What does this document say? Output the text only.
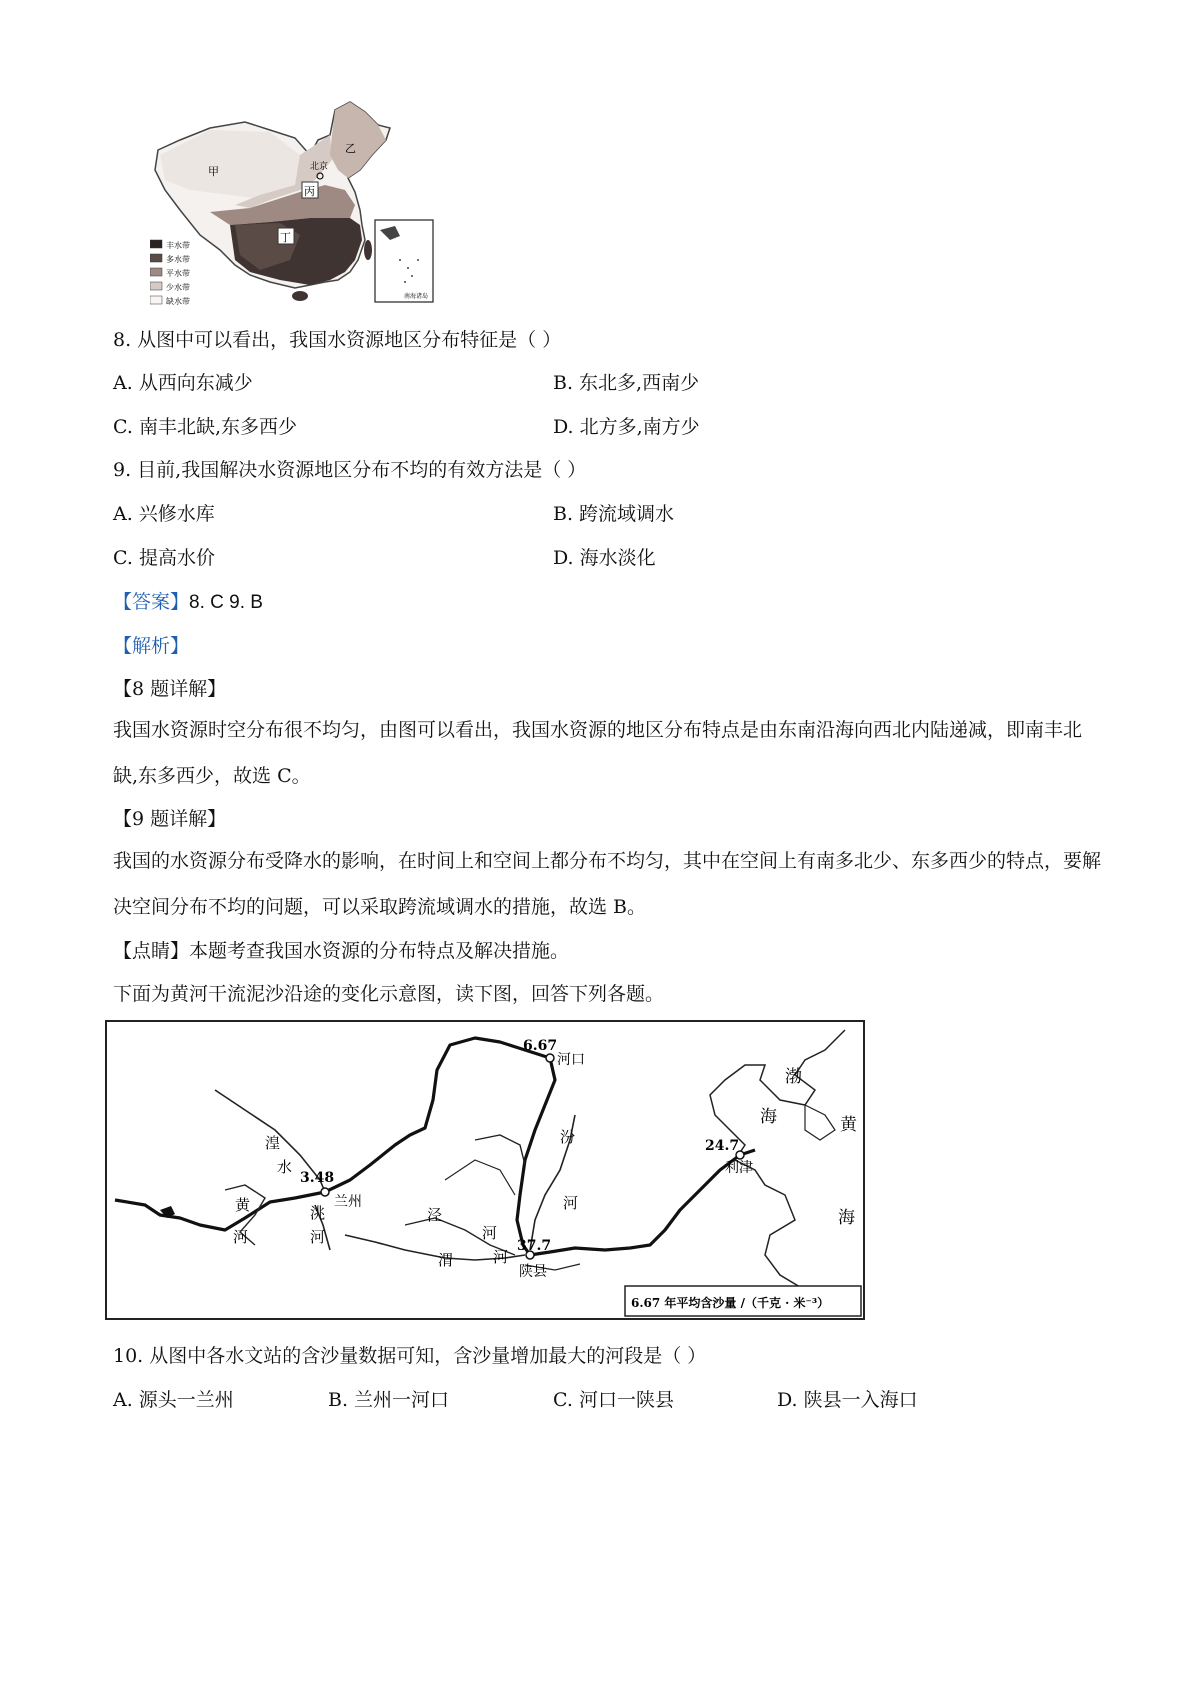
甲
乙
丙
丁
北京
丰水带
多水带
平水带
少水带
缺水带
南海诸岛
8. 从图中可以看出，我国水资源地区分布特征是（ ）
A. 从西向东减少	B. 东北多,西南少
C. 南丰北缺,东多西少	D. 北方多,南方少
9. 目前,我国解决水资源地区分布不均的有效方法是（ ）
A. 兴修水库	B. 跨流域调水
C. 提高水价	D. 海水淡化
【答案】8. C 9. B
【解析】
【8 题详解】
我国水资源时空分布很不均匀，由图可以看出，我国水资源的地区分布特点是由东南沿海向西北内陆递减，即南丰北缺,东多西少，故选 C。
【9 题详解】
我国的水资源分布受降水的影响，在时间上和空间上都分布不均匀，其中在空间上有南多北少、东多西少的特点，要解决空间分布不均的问题，可以采取跨流域调水的措施，故选 B。
【点睛】本题考查我国水资源的分布特点及解决措施。
下面为黄河干流泥沙沿途的变化示意图，读下图，回答下列各题。
6.67
河口
3.48
兰州
37.7
陕县
24.7
利津
黄
河
湟
水
洮
河
汾
河
泾
河
渭	河
渤
海	黄
海
6.67 年平均含沙量 /（千克 · 米⁻³）
10. 从图中各水文站的含沙量数据可知，含沙量增加最大的河段是（ ）
A. 源头一兰州	B. 兰州一河口	C. 河口一陕县	D. 陕县一入海口
